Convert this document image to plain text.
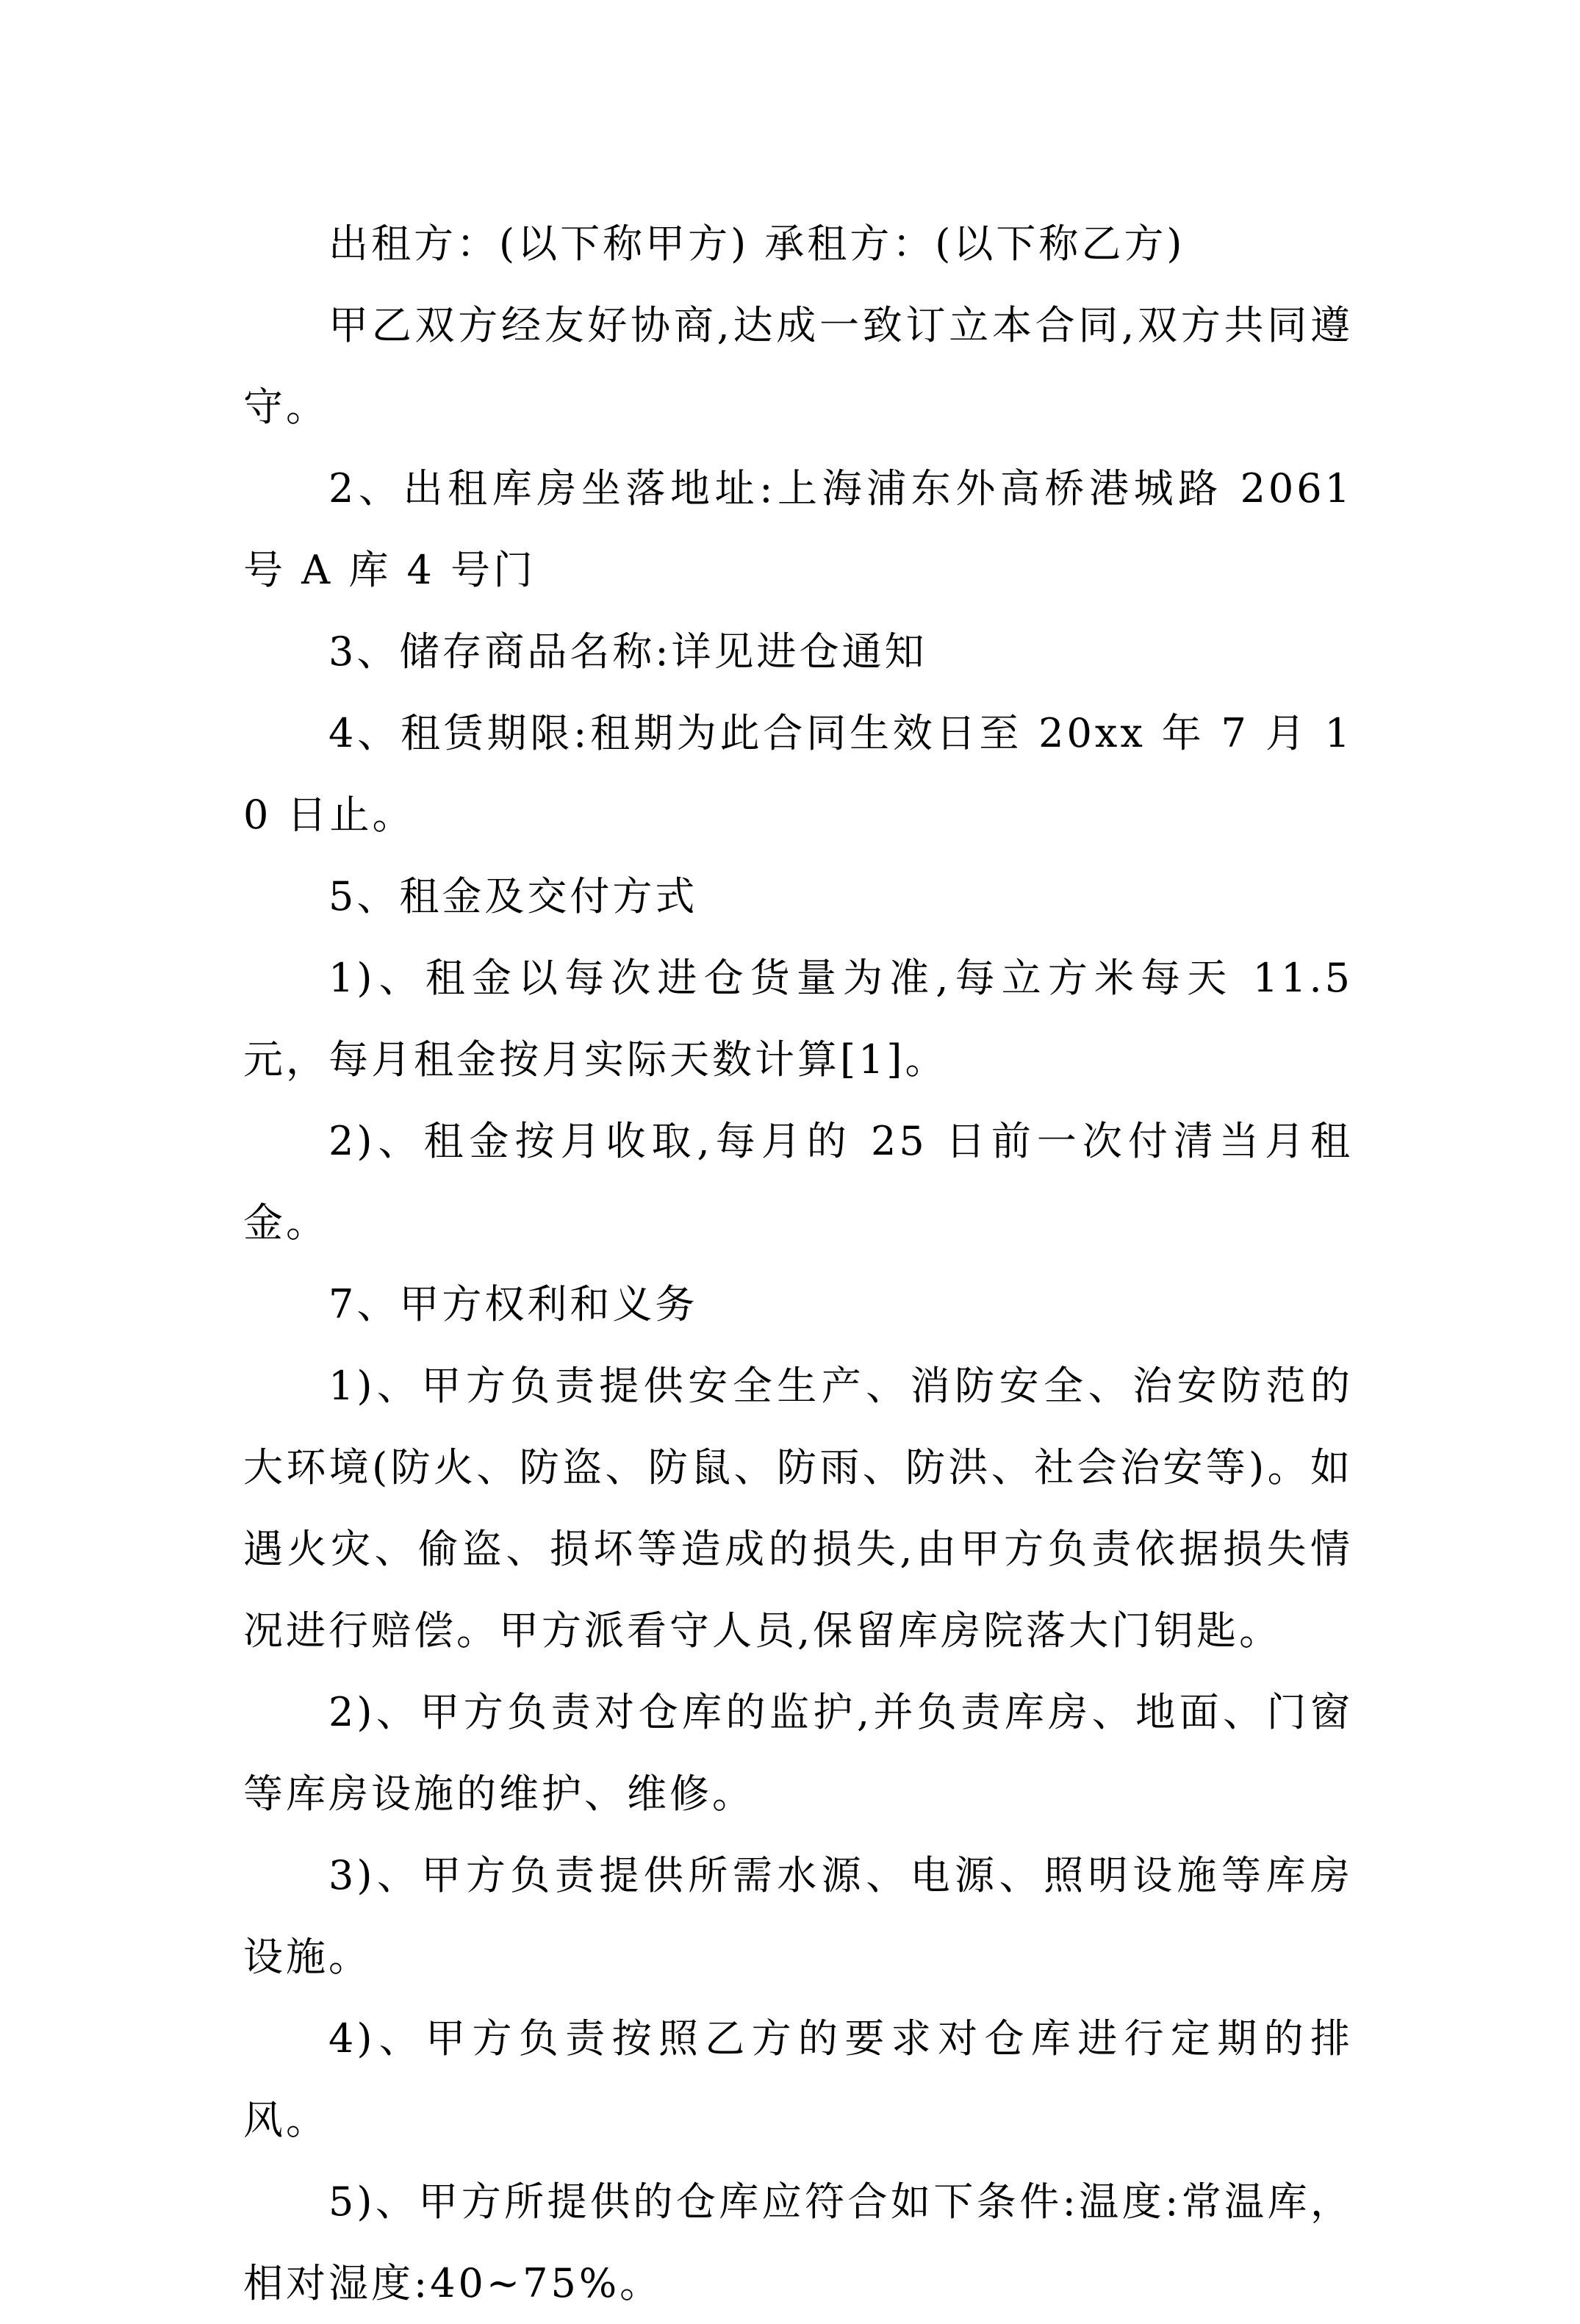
出租方：(以下称甲方) 承租方：(以下称乙方)

甲乙双方经友好协商,达成一致订立本合同,双方共同遵守。

2、出租库房坐落地址:上海浦东外高桥港城路 2061 号 A 库 4 号门

3、储存商品名称:详见进仓通知

4、租赁期限:租期为此合同生效日至 20xx 年 7 月 10 日止。

5、租金及交付方式

1)、租金以每次进仓货量为准,每立方米每天 11.5 元，每月租金按月实际天数计算[1]。

2)、租金按月收取,每月的 25 日前一次付清当月租金。

7、甲方权利和义务

1)、甲方负责提供安全生产、消防安全、治安防范的大环境(防火、防盗、防鼠、防雨、防洪、社会治安等)。如遇火灾、偷盗、损坏等造成的损失,由甲方负责依据损失情况进行赔偿。甲方派看守人员,保留库房院落大门钥匙。

2)、甲方负责对仓库的监护,并负责库房、地面、门窗等库房设施的维护、维修。

3)、甲方负责提供所需水源、电源、照明设施等库房设施。

4)、甲方负责按照乙方的要求对仓库进行定期的排风。

5)、甲方所提供的仓库应符合如下条件:温度:常温库，相对湿度:40~75%。
